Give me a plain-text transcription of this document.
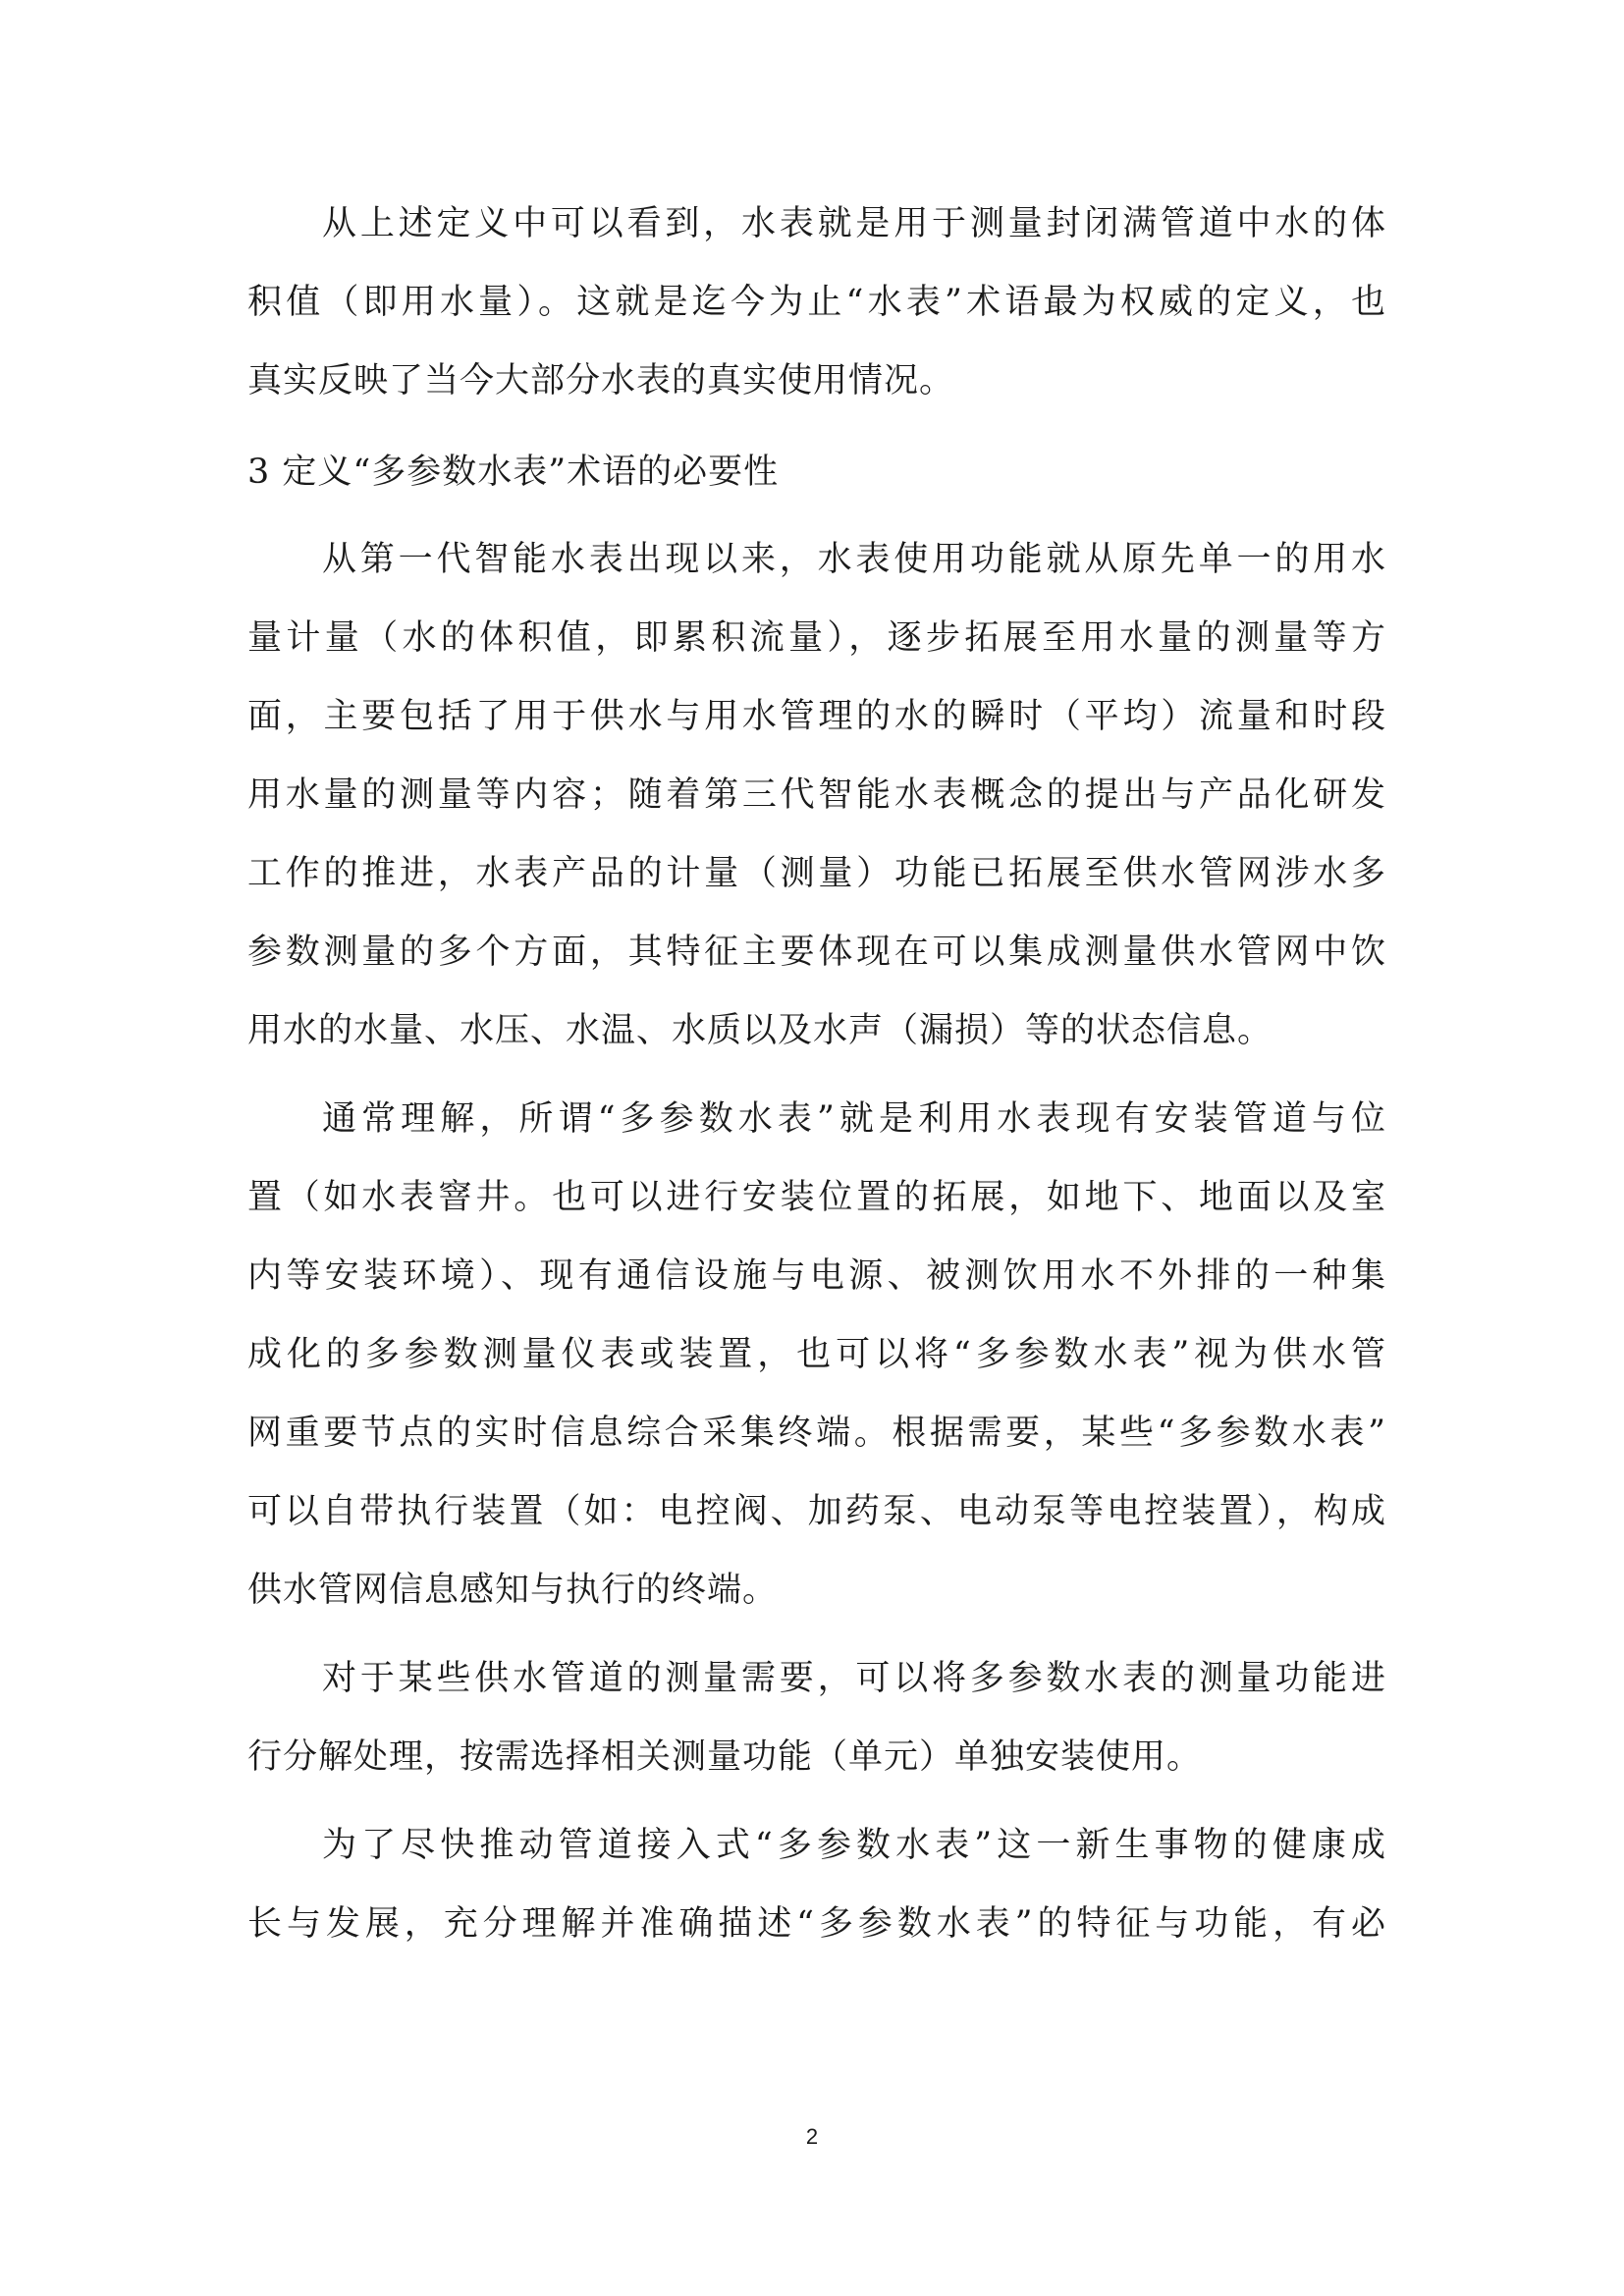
从上述定义中可以看到，水表就是用于测量封闭满管道中水的体
积值（即用水量）。这就是迄今为止“水表”术语最为权威的定义，也
真实反映了当今大部分水表的真实使用情况。
3 定义“多参数水表”术语的必要性
从第一代智能水表出现以来，水表使用功能就从原先单一的用水
量计量（水的体积值，即累积流量），逐步拓展至用水量的测量等方
面，主要包括了用于供水与用水管理的水的瞬时（平均）流量和时段
用水量的测量等内容；随着第三代智能水表概念的提出与产品化研发
工作的推进，水表产品的计量（测量）功能已拓展至供水管网涉水多
参数测量的多个方面，其特征主要体现在可以集成测量供水管网中饮
用水的水量、水压、水温、水质以及水声（漏损）等的状态信息。
通常理解，所谓“多参数水表”就是利用水表现有安装管道与位
置（如水表窨井。也可以进行安装位置的拓展，如地下、地面以及室
内等安装环境）、现有通信设施与电源、被测饮用水不外排的一种集
成化的多参数测量仪表或装置，也可以将“多参数水表”视为供水管
网重要节点的实时信息综合采集终端。根据需要，某些“多参数水表”
可以自带执行装置（如：电控阀、加药泵、电动泵等电控装置），构成
供水管网信息感知与执行的终端。
对于某些供水管道的测量需要，可以将多参数水表的测量功能进
行分解处理，按需选择相关测量功能（单元）单独安装使用。
为了尽快推动管道接入式“多参数水表”这一新生事物的健康成
长与发展，充分理解并准确描述“多参数水表”的特征与功能，有必
2
